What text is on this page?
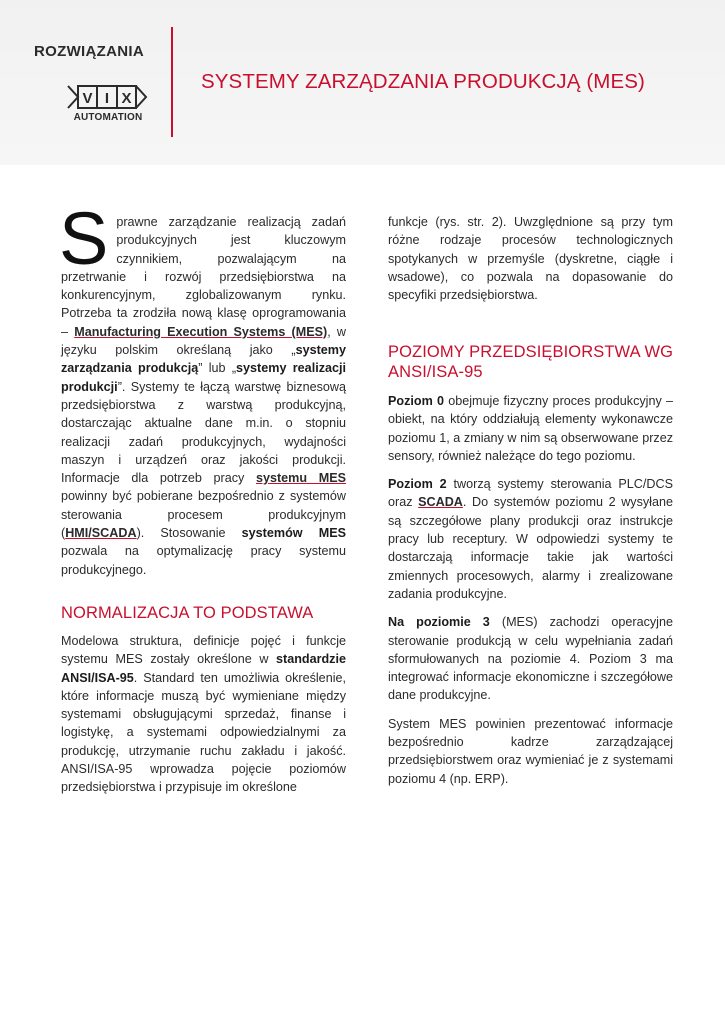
ROZWIĄZANIA
V I X
AUTOMATION
SYSTEMY ZARZĄDZANIA PRODUKCJĄ (MES)

Sprawne zarządzanie realizacją zadań produkcyjnych jest kluczowym czynnikiem, pozwalającym na przetrwanie i rozwój przedsiębiorstwa na konkurencyjnym, zglobalizowanym rynku. Potrzeba ta zrodziła nową klasę oprogramowania – Manufacturing Execution Systems (MES), w języku polskim określaną jako „systemy zarządzania produkcją” lub „systemy realizacji produkcji”. Systemy te łączą warstwę biznesową przedsiębiorstwa z warstwą produkcyjną, dostarczając aktualne dane m.in. o stopniu realizacji zadań produkcyjnych, wydajności maszyn i urządzeń oraz jakości produkcji. Informacje dla potrzeb pracy systemu MES powinny być pobierane bezpośrednio z systemów sterowania procesem produkcyjnym (HMI/SCADA). Stosowanie systemów MES pozwala na optymalizację pracy systemu produkcyjnego.

NORMALIZACJA TO PODSTAWA

Modelowa struktura, definicje pojęć i funkcje systemu MES zostały określone w standardzie ANSI/ISA-95. Standard ten umożliwia określenie, które informacje muszą być wymieniane między systemami obsługującymi sprzedaż, finanse i logistykę, a systemami odpowiedzialnymi za produkcję, utrzymanie ruchu zakładu i jakość. ANSI/ISA-95 wprowadza pojęcie poziomów przedsiębiorstwa i przypisuje im określone

funkcje (rys. str. 2). Uwzględnione są przy tym różne rodzaje procesów technologicznych spotykanych w przemyśle (dyskretne, ciągłe i wsadowe), co pozwala na dopasowanie do specyfiki przedsiębiorstwa.

POZIOMY PRZEDSIĘBIORSTWA WG ANSI/ISA-95

Poziom 0 obejmuje fizyczny proces produkcyjny – obiekt, na który oddziałują elementy wykonawcze poziomu 1, a zmiany w nim są obserwowane przez sensory, również należące do tego poziomu.

Poziom 2 tworzą systemy sterowania PLC/DCS oraz SCADA. Do systemów poziomu 2 wysyłane są szczegółowe plany produkcji oraz instrukcje pracy lub receptury. W odpowiedzi systemy te dostarczają informacje takie jak wartości zmiennych procesowych, alarmy i zrealizowane zadania produkcyjne.

Na poziomie 3 (MES) zachodzi operacyjne sterowanie produkcją w celu wypełniania zadań sformułowanych na poziomie 4. Poziom 3 ma integrować informacje ekonomiczne i szczegółowe dane produkcyjne.

System MES powinien prezentować informacje bezpośrednio kadrze zarządzającej przedsiębiorstwem oraz wymieniać je z systemami poziomu 4 (np. ERP).
